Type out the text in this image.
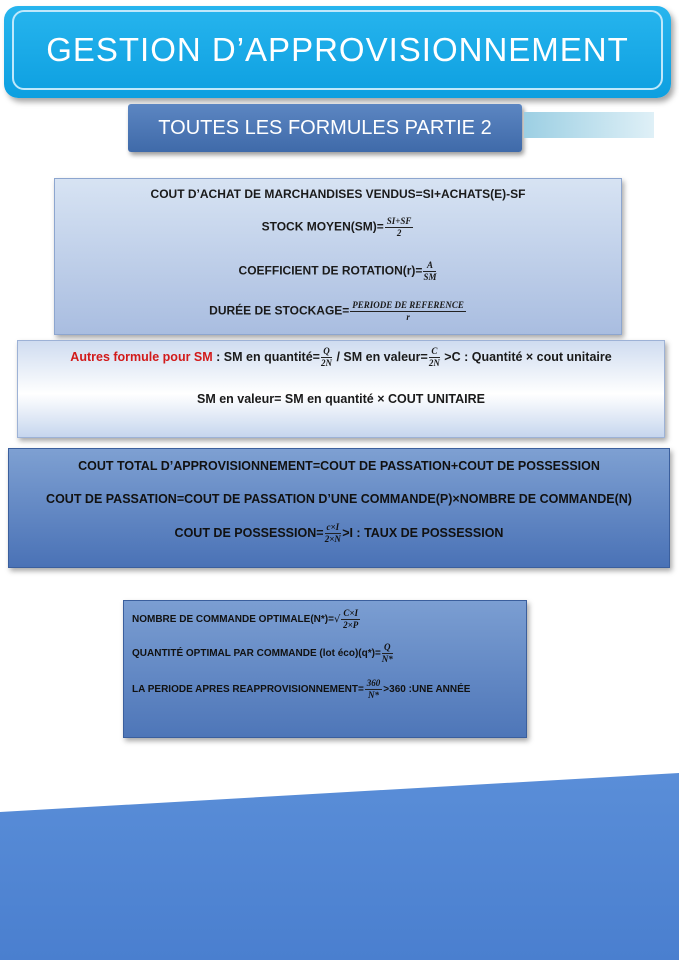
GESTION D’APPROVISIONNEMENT
TOUTES LES FORMULES PARTIE 2
COUT D’ACHAT DE MARCHANDISES VENDUS=SI+ACHATS(E)-SF
STOCK MOYEN(SM)= $\frac{SI+SF}{2}$
COEFFICIENT DE ROTATION(r)= $\frac{A}{SM}$
DURÉE DE STOCKAGE= $\frac{\text{PERIODE DE REFERENCE}}{r}$
Autres formule pour SM : SM en quantité= $\frac{Q}{2N}$ / SM en valeur= $\frac{C}{2N} >C$ : Quantité × cout unitaire
SM en valeur= SM en quantité × COUT UNITAIRE
COUT TOTAL D’APPROVISIONNEMENT=COUT DE PASSATION+COUT DE POSSESSION
COUT DE PASSATION=COUT DE PASSATION D’UNE COMMANDE(P)×NOMBRE DE COMMANDE(N)
COUT DE POSSESSION= $\frac{c\times I}{2\times N} >I$ : TAUX DE POSSESSION
NOMBRE DE COMMANDE OPTIMALE(N*)=√ $\frac{C\times I}{2\times P}$
QUANTITÉ OPTIMAL PAR COMMANDE (lot éco)(q*)= $\frac{Q}{N*}$
LA PERIODE APRES REAPPROVISIONNEMENT= $\frac{360}{N*} >360$ :UNE ANNÉE
